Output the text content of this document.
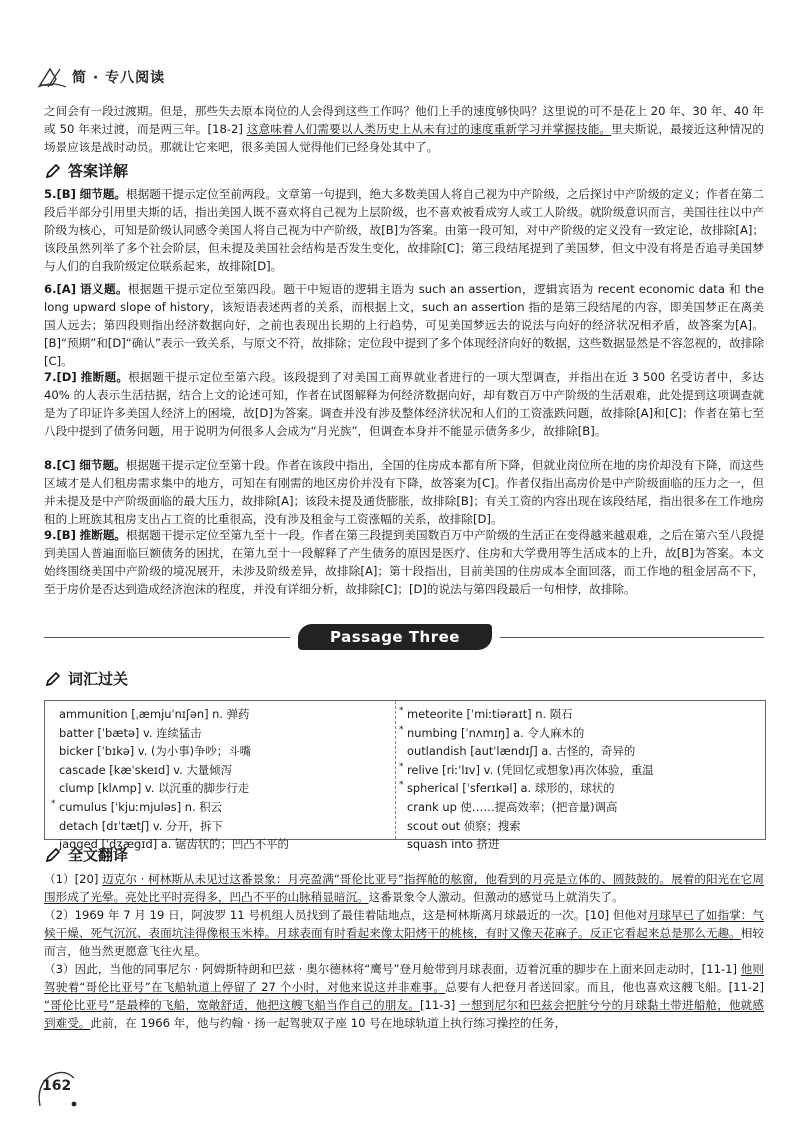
简 · 专八阅读

之间会有一段过渡期。但是，那些失去原本岗位的人会得到这些工作吗？他们上手的速度够快吗？这里说的可不是花上 20 年、30 年、40 年或 50 年来过渡，而是两三年。[18-2] 这意味着人们需要以人类历史上从未有过的速度重新学习并掌握技能。里夫斯说，最接近这种情况的场景应该是战时动员。那就让它来吧，很多美国人觉得他们已经身处其中了。

答案详解

5.[B] 细节题。根据题干提示定位至前两段。文章第一句提到，绝大多数美国人将自己视为中产阶级，之后探讨中产阶级的定义；作者在第二段后半部分引用里夫斯的话，指出美国人既不喜欢将自己视为上层阶级，也不喜欢被看成穷人或工人阶级。就阶级意识而言，美国往往以中产阶级为核心，可知是阶级认同感令美国人将自己视为中产阶级，故[B]为答案。由第一段可知，对中产阶级的定义没有一致定论，故排除[A]；该段虽然列举了多个社会阶层，但未提及美国社会结构是否发生变化，故排除[C]；第三段结尾提到了美国梦，但文中没有将是否追寻美国梦与人们的自我阶级定位联系起来，故排除[D]。

6.[A] 语义题。根据题干提示定位至第四段。题干中短语的逻辑主语为 such an assertion，逻辑宾语为 recent economic data 和 the long upward slope of history，该短语表述两者的关系，而根据上文，such an assertion 指的是第三段结尾的内容，即美国梦正在离美国人远去；第四段则指出经济数据向好，之前也表现出长期的上行趋势，可见美国梦远去的说法与向好的经济状况相矛盾，故答案为[A]。[B]“预期”和[D]“确认”表示一致关系，与原文不符，故排除；定位段中提到了多个体现经济向好的数据，这些数据显然是不容忽视的，故排除[C]。

7.[D] 推断题。根据题干提示定位至第六段。该段提到了对美国工商界就业者进行的一项大型调查，并指出在近 3 500 名受访者中，多达 40% 的人表示生活拮据，结合上文的论述可知，作者在试图解释为何经济数据向好，却有数百万中产阶级的生活艰难，此处提到这项调查就是为了印证许多美国人经济上的困境，故[D]为答案。调查并没有涉及整体经济状况和人们的工资涨跌问题，故排除[A]和[C]；作者在第七至八段中提到了债务问题，用于说明为何很多人会成为“月光族”，但调查本身并不能显示债务多少，故排除[B]。

8.[C] 细节题。根据题干提示定位至第十段。作者在该段中指出，全国的住房成本都有所下降，但就业岗位所在地的房价却没有下降，而这些区域才是人们租房需求集中的地方，可知在有刚需的地区房价并没有下降，故答案为[C]。作者仅指出高房价是中产阶级面临的压力之一，但并未提及是中产阶级面临的最大压力，故排除[A]；该段未提及通货膨胀，故排除[B]；有关工资的内容出现在该段结尾，指出很多在工作地房租的上班族其租房支出占工资的比重很高，没有涉及租金与工资涨幅的关系，故排除[D]。

9.[B] 推断题。根据题干提示定位至第九至十一段。作者在第三段提到美国数百万中产阶级的生活正在变得越来越艰难，之后在第六至八段提到美国人普遍面临巨额债务的困扰，在第九至十一段解释了产生债务的原因是医疗、住房和大学费用等生活成本的上升，故[B]为答案。本文始终围绕美国中产阶级的境况展开，未涉及阶级差异，故排除[A]；第十段指出，目前美国的住房成本全面回落，而工作地的租金居高不下，至于房价是否达到造成经济泡沫的程度，并没有详细分析，故排除[C]；[D]的说法与第四段最后一句相悖，故排除。

Passage Three
词汇过关
ammunition [ˌæmjuˈnɪʃən] n. 弹药
batter [ˈbætə] v. 连续猛击
bicker [ˈbɪkə] v. (为小事)争吵；斗嘴
cascade [kæˈskeɪd] v. 大量倾泻
clump [klʌmp] v. 以沉重的脚步行走
* cumulus [ˈkjuːmjuləs] n. 积云
detach [dɪˈtætʃ] v. 分开，拆下
jagged [ˈdʒægɪd] a. 锯齿状的；凹凸不平的
* meteorite [ˈmiːtiəraɪt] n. 陨石
* numbing [ˈnʌmɪŋ] a. 令人麻木的
outlandish [autˈlændɪʃ] a. 古怪的，奇异的
* relive [riːˈlɪv] v. (凭回忆或想象)再次体验，重温
* spherical [ˈsferɪkəl] a. 球形的，球状的
crank up 使……提高效率；(把音量)调高
scout out 侦察；搜索
squash into 挤进
全文翻译

（1）[20] 迈克尔 · 柯林斯从未见过这番景象：月亮盈满“哥伦比亚号”指挥舱的舷窗，他看到的月亮是立体的、圆鼓鼓的。展着的阳光在它周围形成了光晕。亮处比平时亮得多，凹凸不平的山脉稍显暗沉。这番景象令人激动。但激动的感觉马上就消失了。

（2）1969 年 7 月 19 日，阿波罗 11 号机组人员找到了最佳着陆地点，这是柯林斯离月球最近的一次。[10] 但他对月球早已了如指掌：气候干燥、死气沉沉、表面坑洼得像根玉米棒。月球表面有时看起来像太阳烤干的桃核，有时又像天花麻子。反正它看起来总是那么无趣。相较而言，他当然更愿意飞往火星。

（3）因此，当他的同事尼尔 · 阿姆斯特朗和巴兹 · 奥尔德林将“鹰号”登月舱带到月球表面，迈着沉重的脚步在上面来回走动时，[11-1] 他则驾驶着“哥伦比亚号”在飞船轨道上停留了 27 个小时，对他来说这并非难事。总要有人把登月者送回家。而且，他也喜欢这艘飞船。[11-2] “哥伦比亚号”是最棒的飞船，宽敞舒适，他把这艘飞船当作自己的朋友。[11-3] 一想到尼尔和巴兹会把脏兮兮的月球黏土带进船舱，他就感到难受。此前，在 1966 年，他与约翰 · 扬一起驾驶双子座 10 号在地球轨道上执行练习操控的任务，

162
